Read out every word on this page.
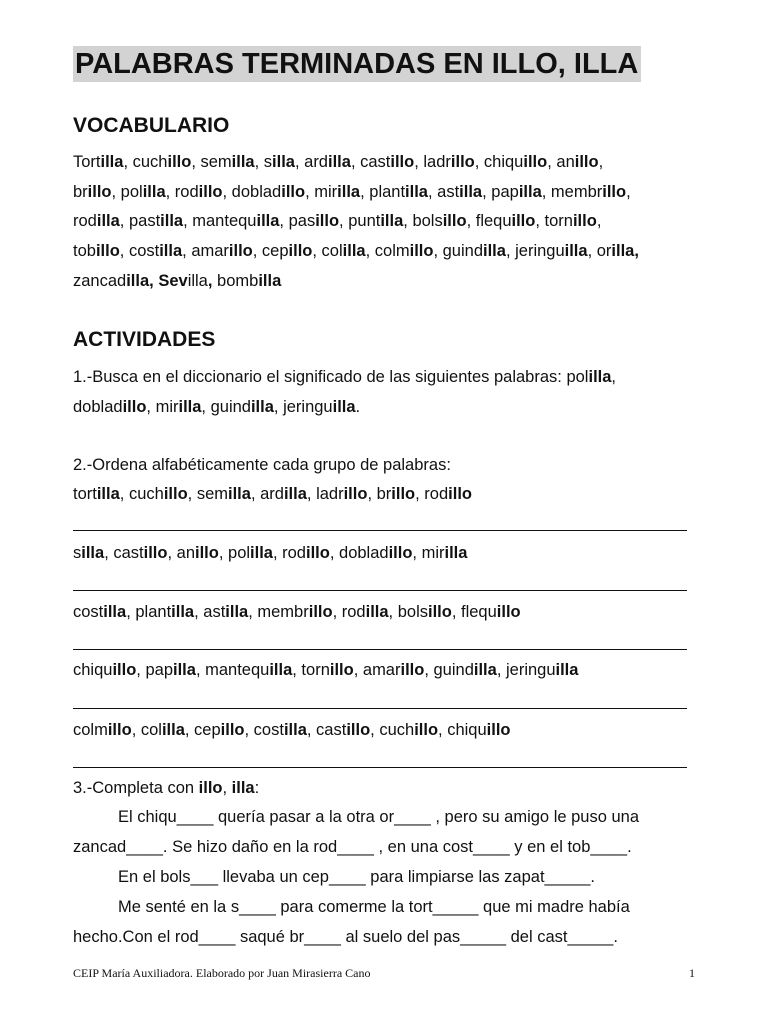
PALABRAS TERMINADAS EN ILLO, ILLA
VOCABULARIO
Tortilla, cuchillo, semilla, silla, ardilla, castillo, ladrillo, chiquillo, anillo,
brillo, polilla, rodillo, dobladillo, mirilla, plantilla, astilla, papilla, membrillo,
rodilla, pastilla, mantequilla, pasillo, puntilla, bolsillo, flequillo, tornillo,
tobillo, costilla, amarillo, cepillo, colilla, colmillo, guindilla, jeringuilla, orilla,
zancadilla, Sevilla, bombilla
ACTIVIDADES
1.-Busca en el diccionario el significado de las siguientes palabras: polilla,
dobladillo, mirilla, guindilla, jeringuilla.
2.-Ordena alfabéticamente cada grupo de palabras:
tortilla, cuchillo, semilla, ardilla, ladrillo, brillo, rodillo
silla, castillo, anillo, polilla, rodillo, dobladillo, mirilla
costilla, plantilla, astilla, membrillo, rodilla, bolsillo, flequillo
chiquillo, papilla, mantequilla, tornillo, amarillo, guindilla, jeringuilla
colmillo, colilla, cepillo, costilla, castillo, cuchillo, chiquillo
3.-Completa con illo, illa:
El chiqu____ quería pasar a la otra or____ , pero su amigo le puso una
zancad____. Se hizo daño en la rod____ , en una cost____ y en el tob____.
En el bols___ llevaba un cep____ para limpiarse las zapat_____.
Me senté en la s____ para comerme la tort_____ que mi madre había
hecho.Con el rod____ saqué br____ al suelo del pas_____ del cast_____.
CEIP María Auxiliadora. Elaborado por Juan Mirasierra Cano	1
